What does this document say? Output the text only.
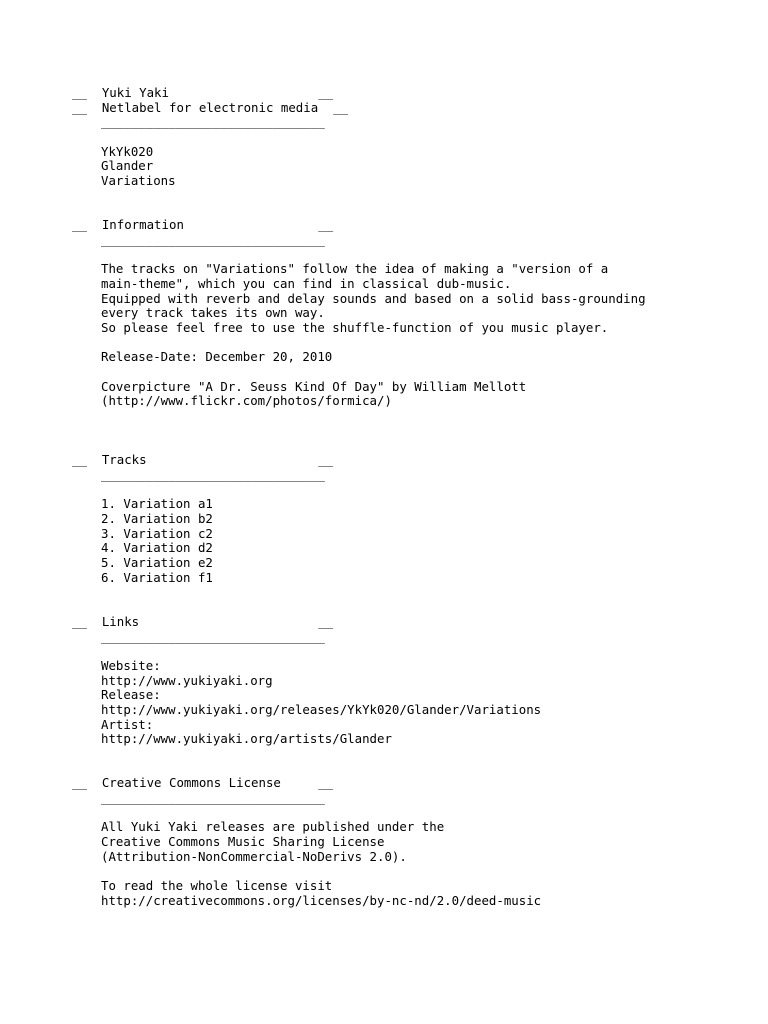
__ Yuki Yaki	__
__ Netlabel for electronic media __
______________________________
YkYk020
Glander
Variations
__ Information	__
______________________________
The tracks on "Variations" follow the idea of making a "version of a
main-theme", which you can find in classical dub-music.
Equipped with reverb and delay sounds and based on a solid bass-grounding
every track takes its own way.
So please feel free to use the shuffle-function of you music player.
Release-Date: December 20, 2010
Coverpicture "A Dr. Seuss Kind Of Day" by William Mellott
(http://www.flickr.com/photos/formica/)
__ Tracks	__
______________________________
1. Variation a1
2. Variation b2
3. Variation c2
4. Variation d2
5. Variation e2
6. Variation f1
__ Links	__
______________________________
Website:
http://www.yukiyaki.org
Release:
http://www.yukiyaki.org/releases/YkYk020/Glander/Variations
Artist:
http://www.yukiyaki.org/artists/Glander
__ Creative Commons License	__
______________________________
All Yuki Yaki releases are published under the
Creative Commons Music Sharing License
(Attribution-NonCommercial-NoDerivs 2.0).
To read the whole license visit
http://creativecommons.org/licenses/by-nc-nd/2.0/deed-music
